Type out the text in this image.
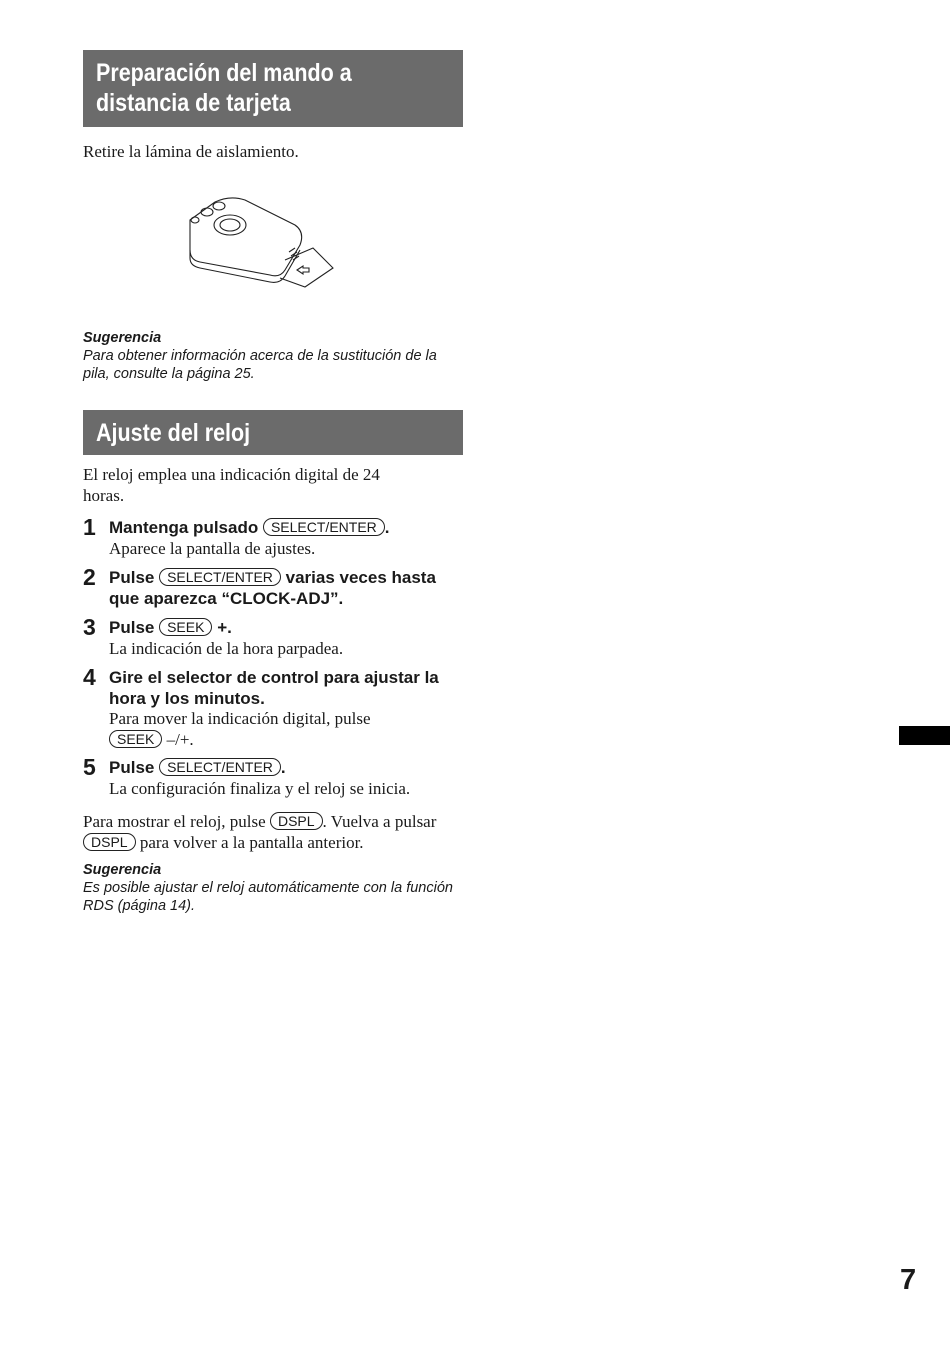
Preparación del mando a
distancia de tarjeta
Retire la lámina de aislamiento.
Sugerencia
Para obtener información acerca de la sustitución de la pila, consulte la página 25.
Ajuste del reloj
El reloj emplea una indicación digital de 24 horas.
1 Mantenga pulsado SELECT/ENTER .
Aparece la pantalla de ajustes.
2 Pulse SELECT/ENTER varias veces hasta que aparezca “CLOCK-ADJ”.
3 Pulse SEEK +.
La indicación de la hora parpadea.
4 Gire el selector de control para ajustar la hora y los minutos.
Para mover la indicación digital, pulse
SEEK –/+.
5 Pulse SELECT/ENTER .
La configuración finaliza y el reloj se inicia.
Para mostrar el reloj, pulse DSPL . Vuelva a pulsar DSPL para volver a la pantalla anterior.
Sugerencia
Es posible ajustar el reloj automáticamente con la función RDS (página 14).
7
